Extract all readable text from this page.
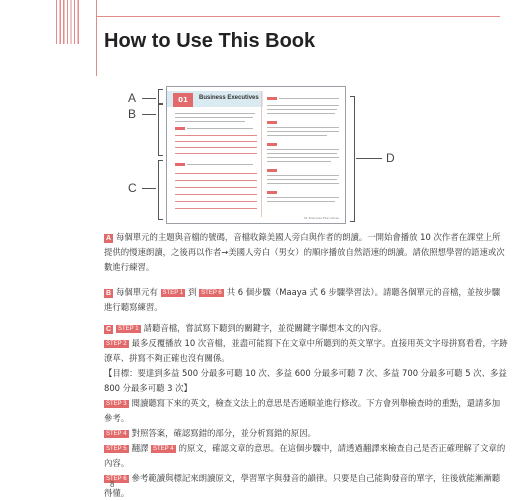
How to Use This Book
01	Business Executives
01 Business Executives
A
B
C
D
A 每個單元的主題與音檔的號碼，音檔收錄美國人旁白與作者的朗讀。一開始會播放 10 次作者在課堂上所提供的慢速朗讀，之後再以作者→美國人旁白（男女）的順序播放自然語速的朗讀。請依照想學習的語速或次數進行練習。
B 每個單元有 STEP 1 到 STEP 6 共 6 個步驟（Maaya 式 6 步驟學習法）。請聽各個單元的音檔，並按步驟進行聽寫練習。
C STEP 1 請聽音檔，嘗試寫下聽到的關鍵字，並從關鍵字聯想本文的內容。
STEP 2 最多反覆播放 10 次音檔，並盡可能寫下在文章中所聽到的英文單字。直接用英文字母拼寫看看，字跡潦草、拼寫不夠正確也沒有關係。
【目標：要達到多益 500 分最多可聽 10 次、多益 600 分最多可聽 7 次、多益 700 分最多可聽 5 次、多益 800 分最多可聽 3 次】
STEP 3 閱讀聽寫下來的英文，檢查文法上的意思是否通順並進行修改。下方會列舉檢查時的重點，還請多加參考。
STEP 4 對照答案，確認寫錯的部分，並分析寫錯的原因。
STEP 5 翻譯 STEP 4 的原文，確認文章的意思。在這個步驟中，請透過翻譯來檢查自己是否正確理解了文章的內容。
STEP 6 參考範讀與標記來朗讀原文，學習單字與發音的韻律。只要是自己能夠發音的單字，往後就能漸漸聽得懂。
8
